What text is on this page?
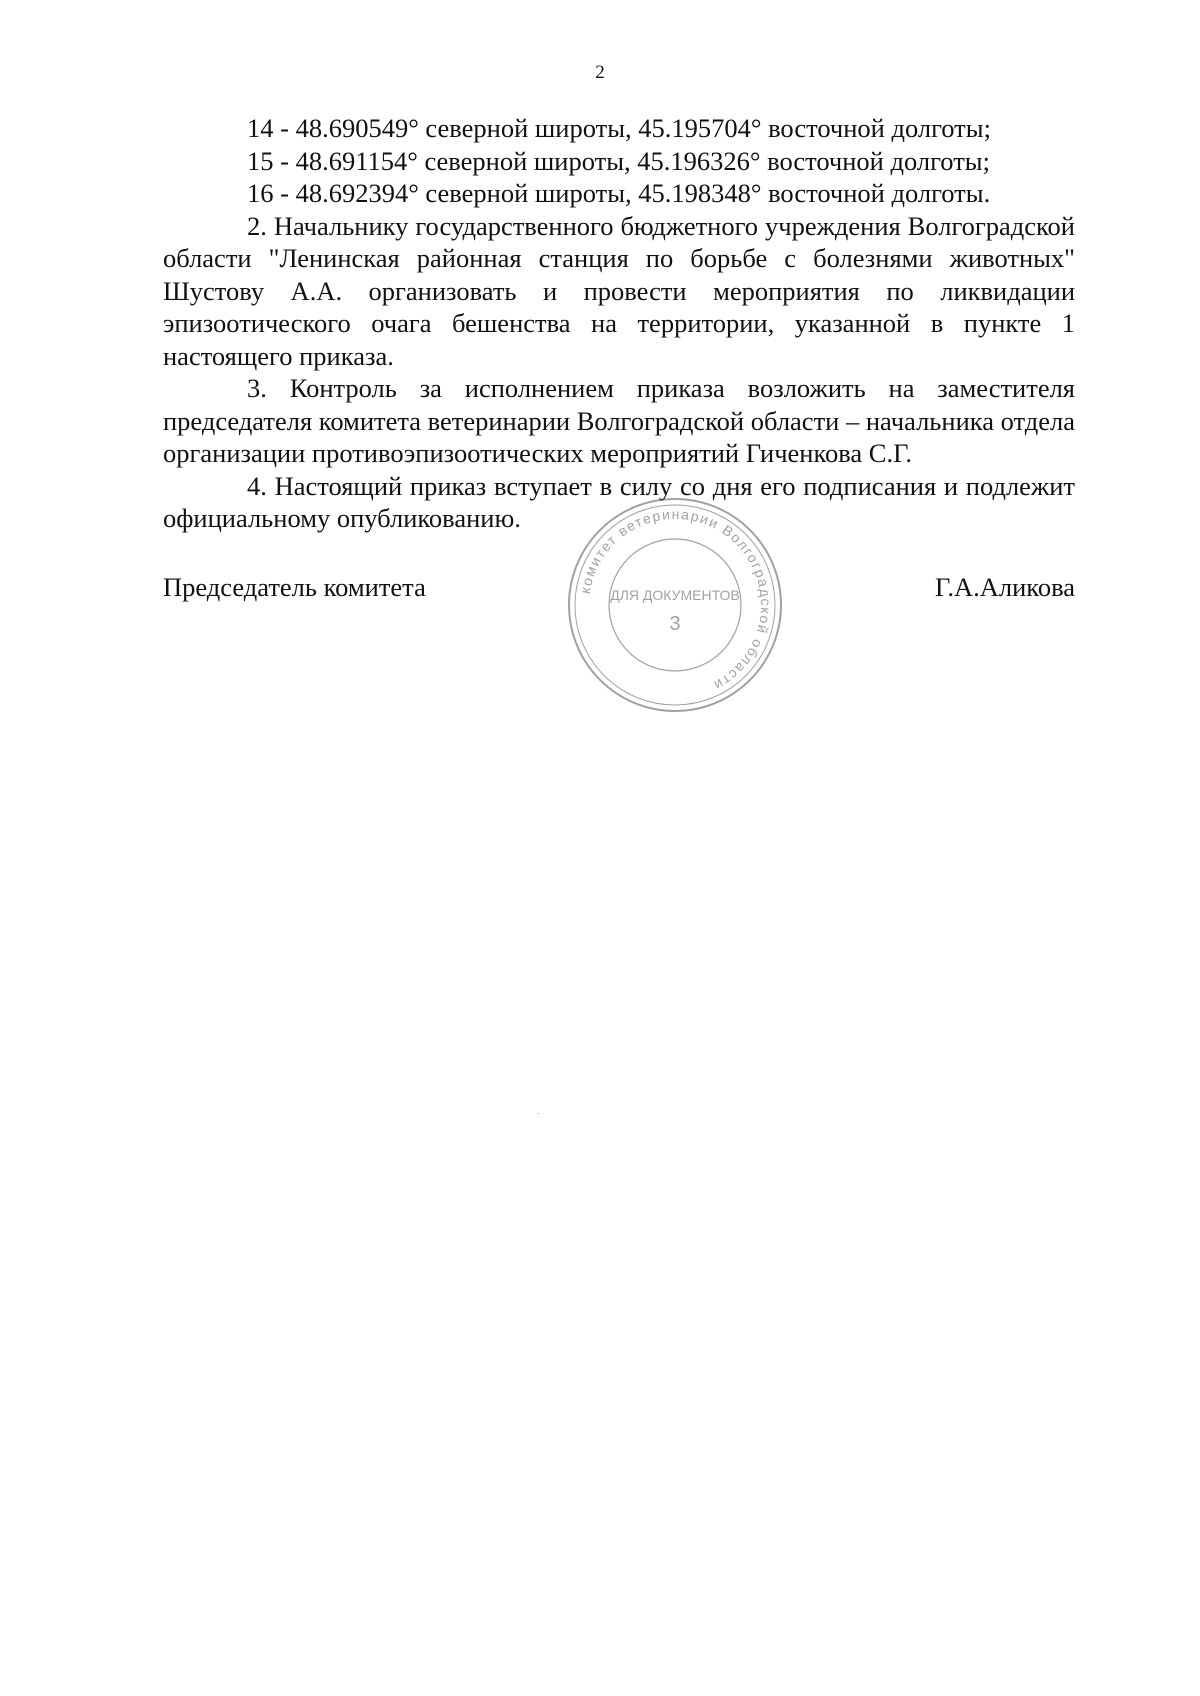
2
14 - 48.690549° северной широты, 45.195704° восточной долготы;
15 - 48.691154° северной широты, 45.196326° восточной долготы;
16 - 48.692394° северной широты, 45.198348° восточной долготы.

2. Начальнику государственного бюджетного учреждения Волгоградской области "Ленинская районная станция по борьбе с болезнями животных" Шустову А.А. организовать и провести мероприятия по ликвидации эпизоотического очага бешенства на территории, указанной в пункте 1 настоящего приказа.

3. Контроль за исполнением приказа возложить на заместителя председателя комитета ветеринарии Волгоградской области – начальника отдела организации противоэпизоотических мероприятий Гиченкова С.Г.

4. Настоящий приказ вступает в силу со дня его подписания и подлежит официальному опубликованию.

Председатель комитета	Г.А.Аликова
комитет ветеринарии Волгоградской области
ДЛЯ ДОКУМЕНТОВ
3
